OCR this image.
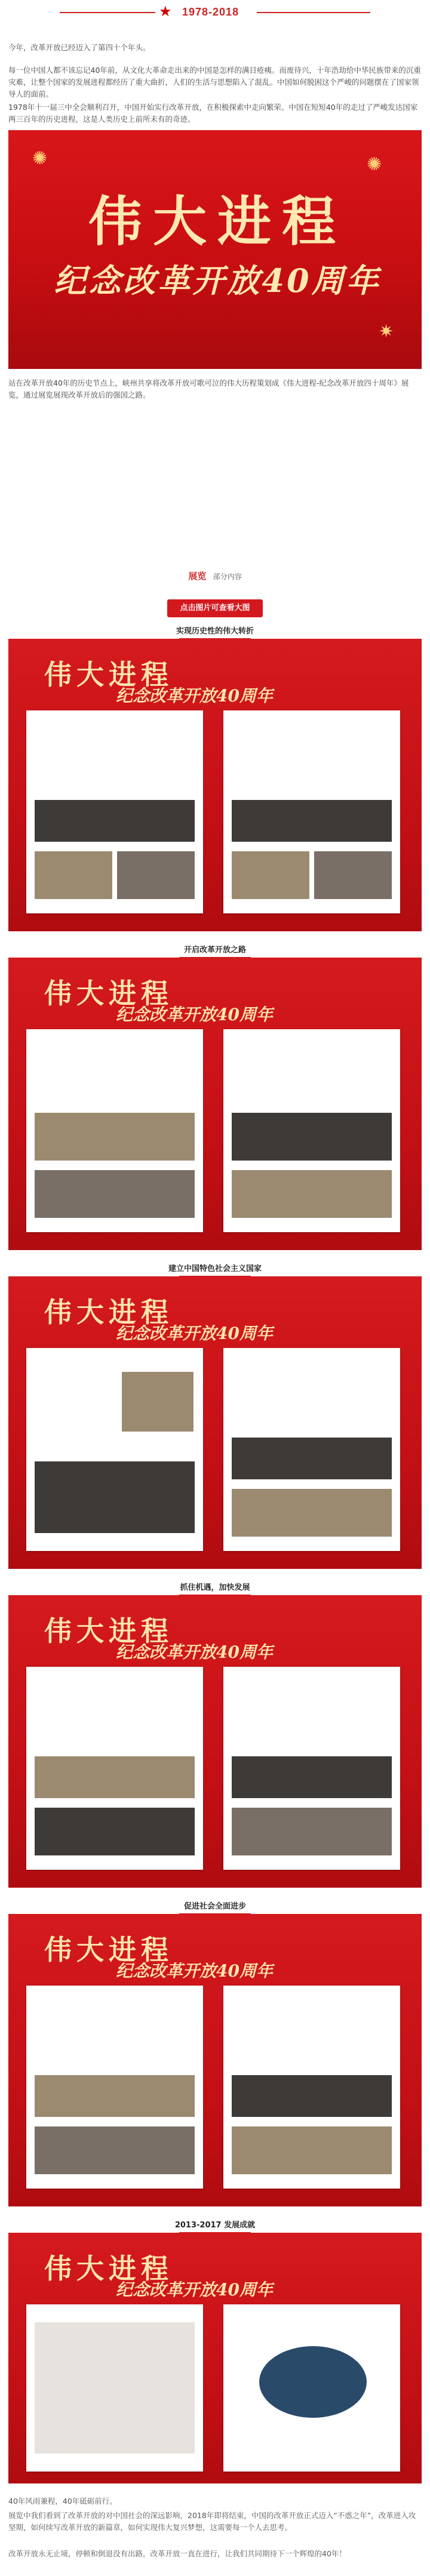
★ 1978-2018
今年，改革开放已经迈入了第四十个年头。
每一位中国人都不该忘记40年前，从文化大革命走出来的中国是怎样的满目疮痍。而废待兴，十年浩劫给中华民族带来的沉重灾难，让整个国家的发展进程都经历了重大曲折，人们的生活与思想陷入了混乱。中国如何脱困这个严峻的问题摆在了国家领导人的面前。
1978年十一届三中全会顺利召开，中国开始实行改革开放，在积极探索中走向繁荣。中国在短短40年的走过了严峻发达国家两三百年的历史进程，这是人类历史上前所未有的奇迹。
✺	✺
✷
伟大进程
纪念改革开放40周年
站在改革开放40年的历史节点上，峡州共享将改革开放可歌可泣的伟大历程策划成《伟大进程-纪念改革开放四十周年》展览，通过展览展现改革开放后的强国之路。
展览 部分内容
点击图片可查看大图
实现历史性的伟大转折
伟大进程
纪念改革开放40周年
开启改革开放之路
伟大进程
纪念改革开放40周年
建立中国特色社会主义国家
伟大进程
纪念改革开放40周年
抓住机遇，加快发展
伟大进程
纪念改革开放40周年
促进社会全面进步
伟大进程
纪念改革开放40周年
2013-2017 发展成就
伟大进程
纪念改革开放40周年
40年风雨兼程，40年砥砺前行。
展览中我们看到了改革开放的对中国社会的深远影响，2018年即将结束，中国的改革开放正式迈入“不惑之年”，改革进入攻坚期，如何续写改革开放的新篇章，如何实现伟大复兴梦想，这需要每一个人去思考。
改革开放永无止境，停顿和倒退没有出路，改革开放一直在进行，让我们共同期待下一个辉煌的40年！
